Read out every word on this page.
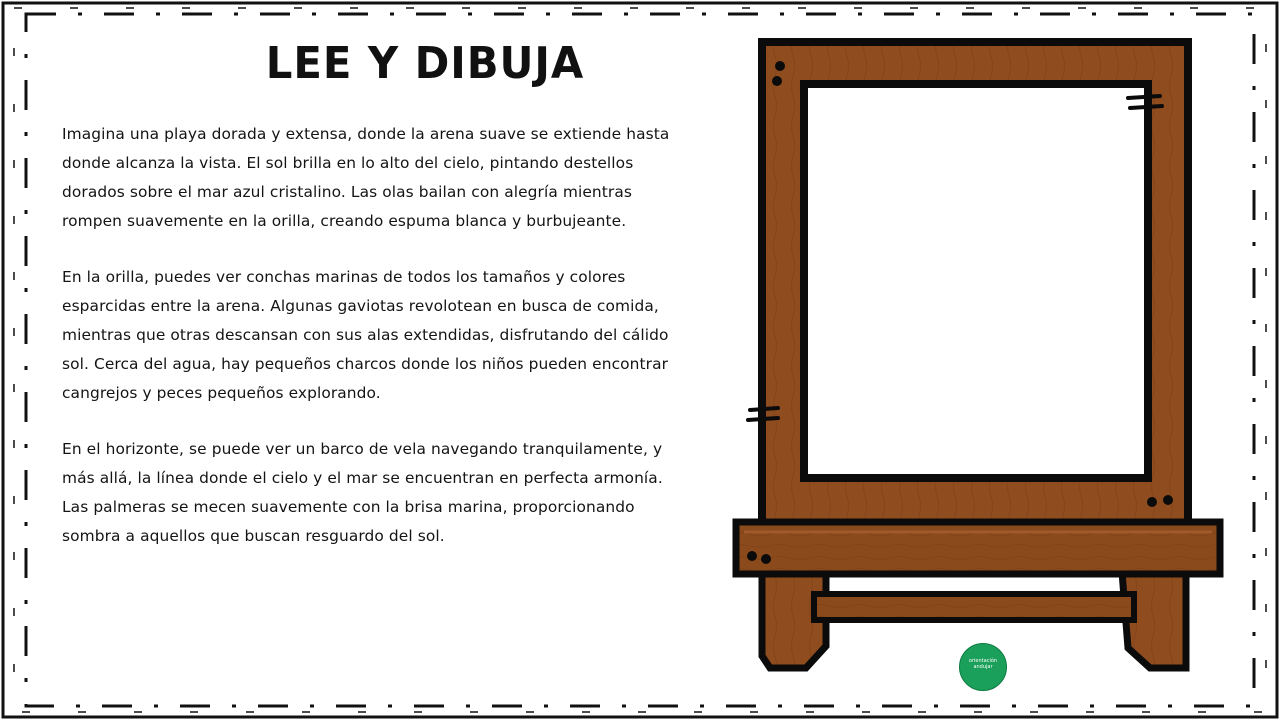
LEE Y DIBUJA

Imagina una playa dorada y extensa, donde la arena suave se extiende hasta donde alcanza la vista. El sol brilla en lo alto del cielo, pintando destellos dorados sobre el mar azul cristalino. Las olas bailan con alegría mientras rompen suavemente en la orilla, creando espuma blanca y burbujeante.

En la orilla, puedes ver conchas marinas de todos los tamaños y colores esparcidas entre la arena. Algunas gaviotas revolotean en busca de comida, mientras que otras descansan con sus alas extendidas, disfrutando del cálido sol. Cerca del agua, hay pequeños charcos donde los niños pueden encontrar cangrejos y peces pequeños explorando.

En el horizonte, se puede ver un barco de vela navegando tranquilamente, y más allá, la línea donde el cielo y el mar se encuentran en perfecta armonía. Las palmeras se mecen suavemente con la brisa marina, proporcionando sombra a aquellos que buscan resguardo del sol.

orientación andujar
